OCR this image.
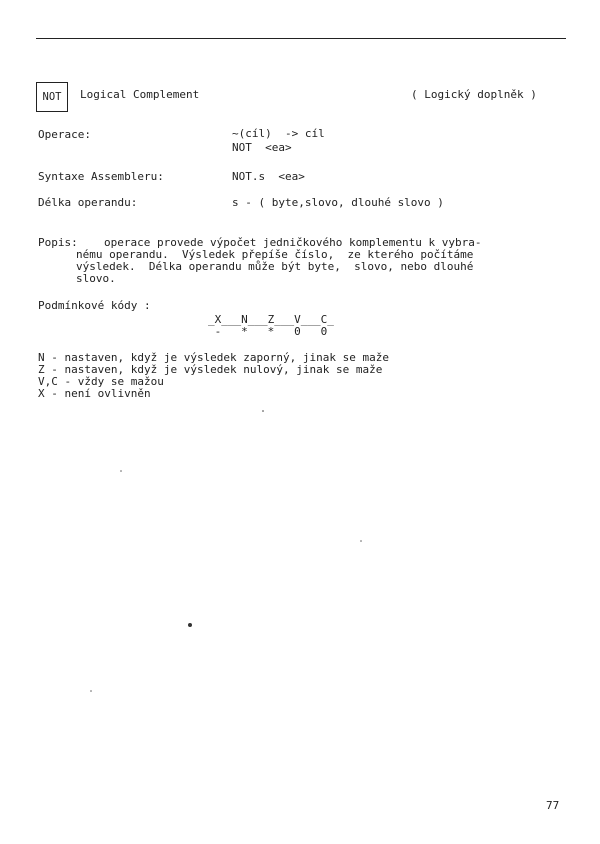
NOT	Logical Complement	( Logický doplněk )
Operace:	~(cíl)  -> cíl
NOT  <ea>
Syntaxe Assembleru:	NOT.s  <ea>
Délka operandu:	s - ( byte,slovo, dlouhé slovo )
Popis: operace provede výpočet jedničkového komplementu k vybra-
nému operandu.  Výsledek přepíše číslo,  ze kterého počítáme
výsledek.  Délka operandu může být byte,  slovo, nebo dlouhé
slovo.
Podmínkové kódy :
_X___N___Z___V___C_
-   *   *   0   0
N - nastaven, když je výsledek zaporný, jinak se maže
Z - nastaven, když je výsledek nulový, jinak se maže
V,C - vždy se mažou
X - není ovlivněn
77
